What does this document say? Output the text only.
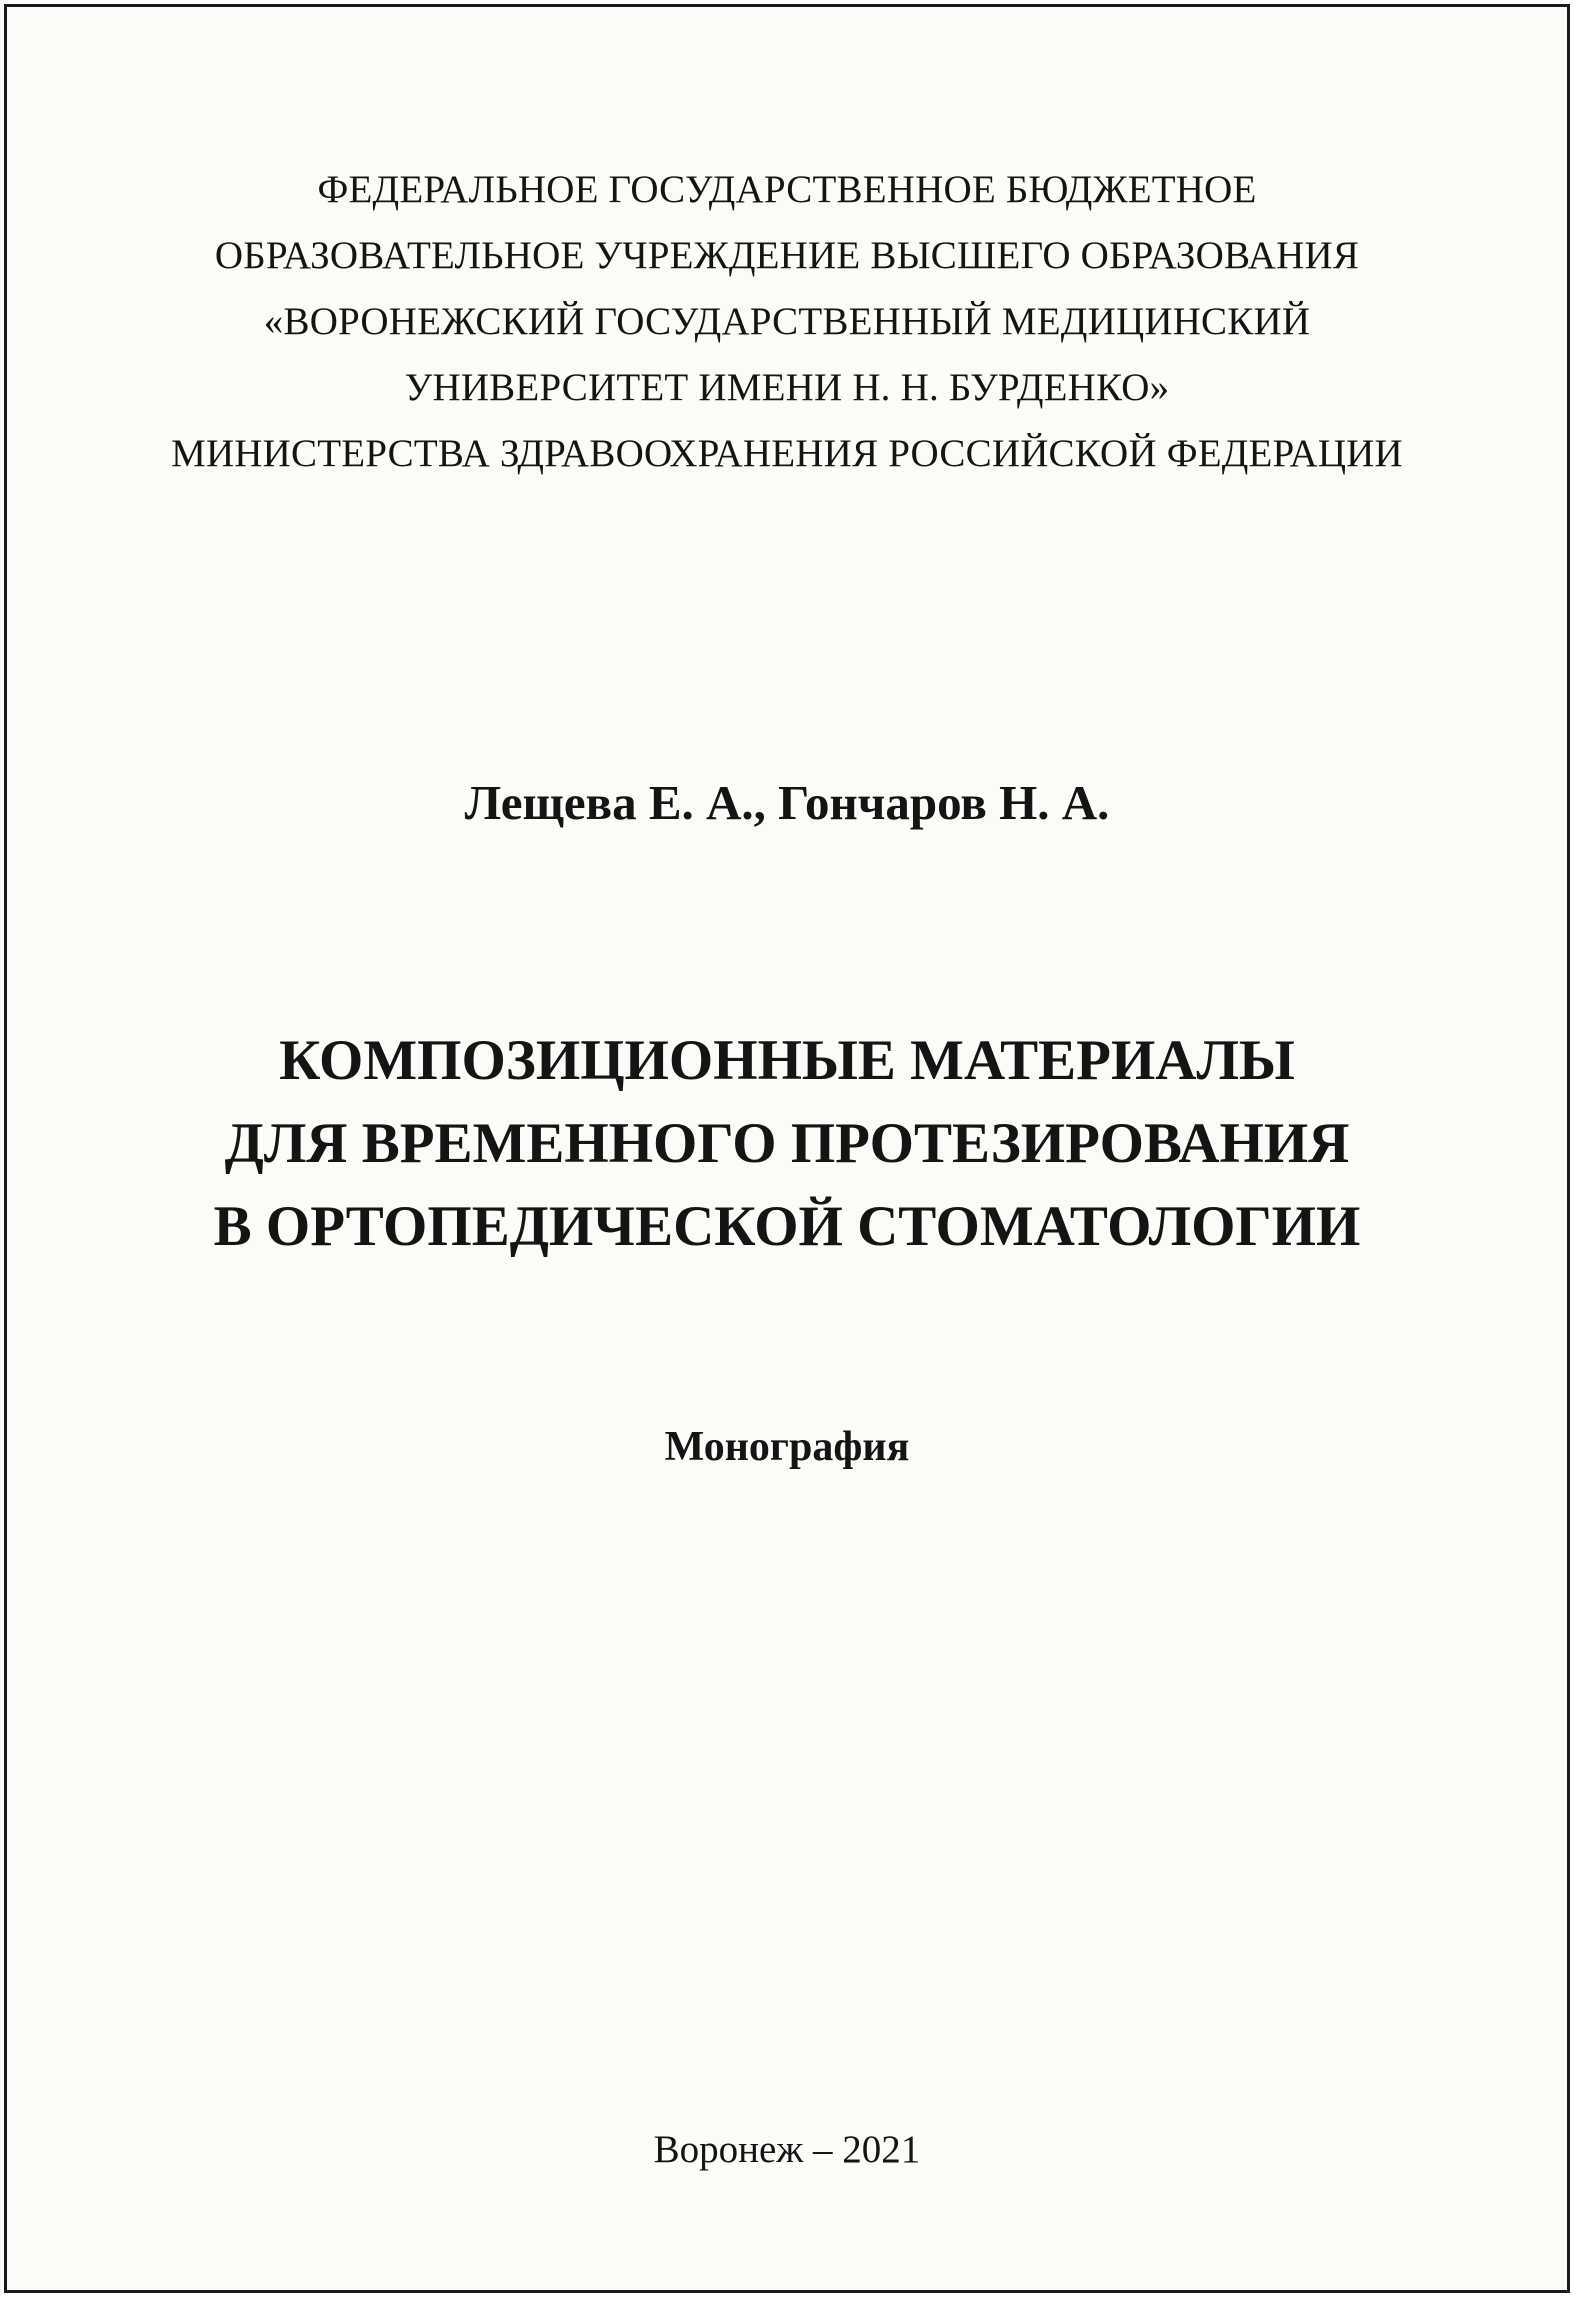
ФЕДЕРАЛЬНОЕ ГОСУДАРСТВЕННОЕ БЮДЖЕТНОЕ
ОБРАЗОВАТЕЛЬНОЕ УЧРЕЖДЕНИЕ ВЫСШЕГО ОБРАЗОВАНИЯ
«ВОРОНЕЖСКИЙ ГОСУДАРСТВЕННЫЙ МЕДИЦИНСКИЙ
УНИВЕРСИТЕТ ИМЕНИ Н. Н. БУРДЕНКО»
МИНИСТЕРСТВА ЗДРАВООХРАНЕНИЯ РОССИЙСКОЙ ФЕДЕРАЦИИ
Лещева Е. А., Гончаров Н. А.
КОМПОЗИЦИОННЫЕ МАТЕРИАЛЫ
ДЛЯ ВРЕМЕННОГО ПРОТЕЗИРОВАНИЯ
В ОРТОПЕДИЧЕСКОЙ СТОМАТОЛОГИИ
Монография
Воронеж – 2021
